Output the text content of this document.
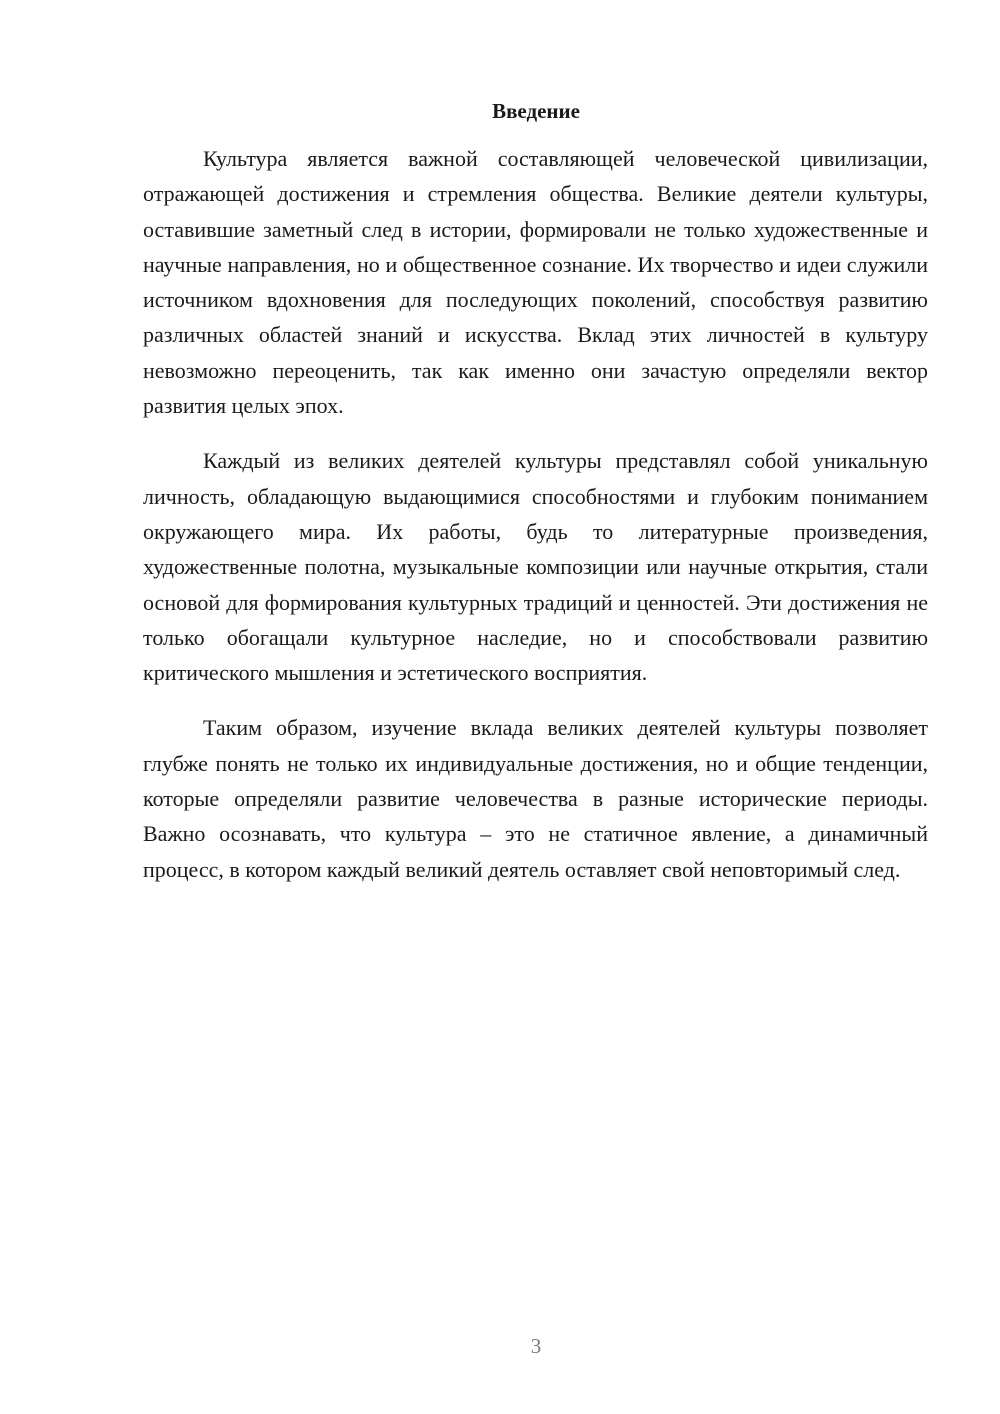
Введение

Культура является важной составляющей человеческой цивилизации, отражающей достижения и стремления общества. Великие деятели культуры, оставившие заметный след в истории, формировали не только художественные и научные направления, но и общественное сознание. Их творчество и идеи служили источником вдохновения для последующих поколений, способствуя развитию различных областей знаний и искусства. Вклад этих личностей в культуру невозможно переоценить, так как именно они зачастую определяли вектор развития целых эпох.

Каждый из великих деятелей культуры представлял собой уникальную личность, обладающую выдающимися способностями и глубоким пониманием окружающего мира. Их работы, будь то литературные произведения, художественные полотна, музыкальные композиции или научные открытия, стали основой для формирования культурных традиций и ценностей. Эти достижения не только обогащали культурное наследие, но и способствовали развитию критического мышления и эстетического восприятия.

Таким образом, изучение вклада великих деятелей культуры позволяет глубже понять не только их индивидуальные достижения, но и общие тенденции, которые определяли развитие человечества в разные исторические периоды. Важно осознавать, что культура – это не статичное явление, а динамичный процесс, в котором каждый великий деятель оставляет свой неповторимый след.

3
